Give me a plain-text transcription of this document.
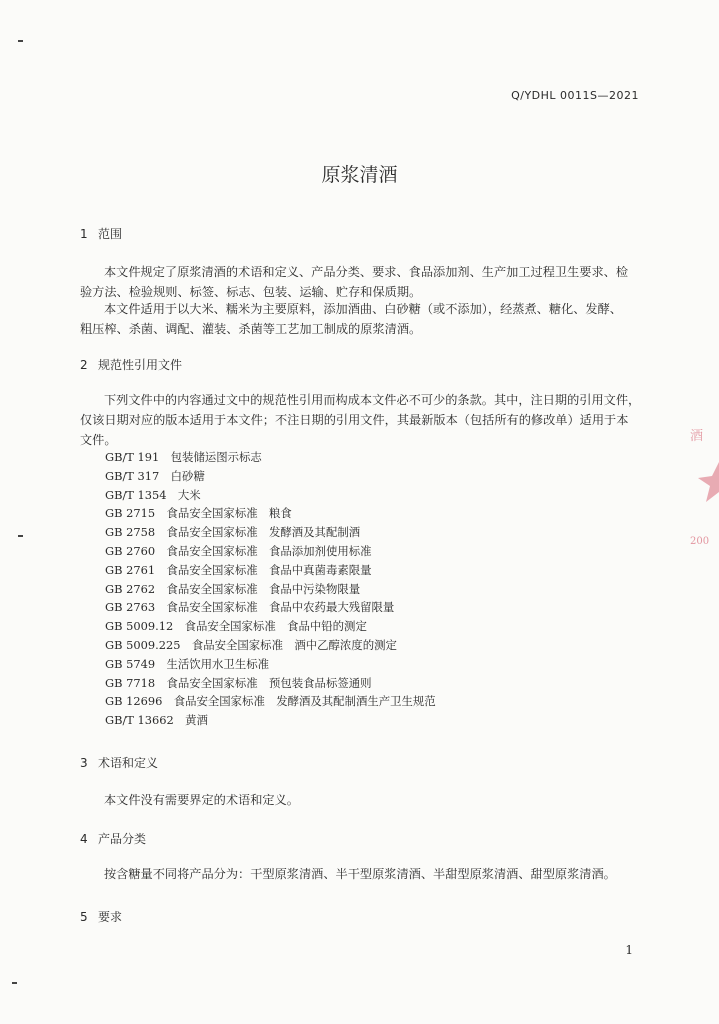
Q/YDHL 0011S—2021
原浆清酒
1 范围
本文件规定了原浆清酒的术语和定义、产品分类、要求、食品添加剂、生产加工过程卫生要求、检
验方法、检验规则、标签、标志、包装、运输、贮存和保质期。
本文件适用于以大米、糯米为主要原料，添加酒曲、白砂糖（或不添加），经蒸煮、糖化、发酵、
粗压榨、杀菌、调配、灌装、杀菌等工艺加工制成的原浆清酒。
2 规范性引用文件
下列文件中的内容通过文中的规范性引用而构成本文件必不可少的条款。其中，注日期的引用文件，
仅该日期对应的版本适用于本文件；不注日期的引用文件，其最新版本（包括所有的修改单）适用于本
文件。
GB/T 191　包装储运图示标志
GB/T 317　白砂糖
GB/T 1354　大米
GB 2715　食品安全国家标准　粮食
GB 2758　食品安全国家标准　发酵酒及其配制酒
GB 2760　食品安全国家标准　食品添加剂使用标准
GB 2761　食品安全国家标准　食品中真菌毒素限量
GB 2762　食品安全国家标准　食品中污染物限量
GB 2763　食品安全国家标准　食品中农药最大残留限量
GB 5009.12　食品安全国家标准　食品中铅的测定
GB 5009.225　食品安全国家标准　酒中乙醇浓度的测定
GB 5749　生活饮用水卫生标准
GB 7718　食品安全国家标准　预包装食品标签通则
GB 12696　食品安全国家标准　发酵酒及其配制酒生产卫生规范
GB/T 13662　黄酒
3 术语和定义
本文件没有需要界定的术语和定义。
4 产品分类
按含糖量不同将产品分为：干型原浆清酒、半干型原浆清酒、半甜型原浆清酒、甜型原浆清酒。
5 要求
1
酒
200
